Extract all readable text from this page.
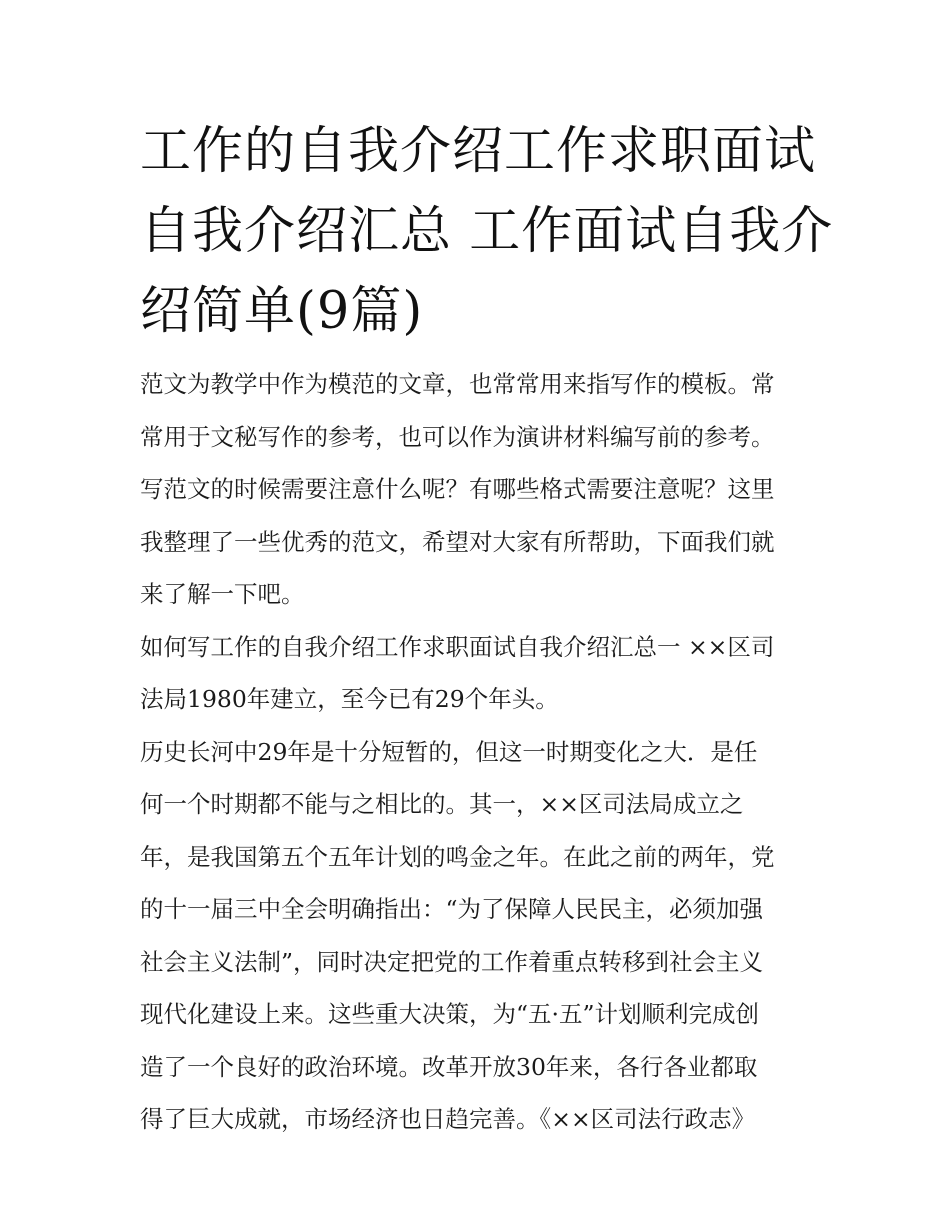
工作的自我介绍工作求职面试
自我介绍汇总 工作面试自我介
绍简单(9篇)
范文为教学中作为模范的文章，也常常用来指写作的模板。常
常用于文秘写作的参考，也可以作为演讲材料编写前的参考。
写范文的时候需要注意什么呢？有哪些格式需要注意呢？这里
我整理了一些优秀的范文，希望对大家有所帮助，下面我们就
来了解一下吧。
如何写工作的自我介绍工作求职面试自我介绍汇总一 ××区司
法局1980年建立，至今已有29个年头。
历史长河中29年是十分短暂的，但这一时期变化之大．是任
何一个时期都不能与之相比的。其一，××区司法局成立之
年，是我国第五个五年计划的鸣金之年。在此之前的两年，党
的十一届三中全会明确指出：“为了保障人民民主，必须加强
社会主义法制”，同时决定把党的工作着重点转移到社会主义
现代化建设上来。这些重大决策，为“五·五”计划顺利完成创
造了一个良好的政治环境。改革开放30年来，各行各业都取
得了巨大成就，市场经济也日趋完善。《××区司法行政志》
